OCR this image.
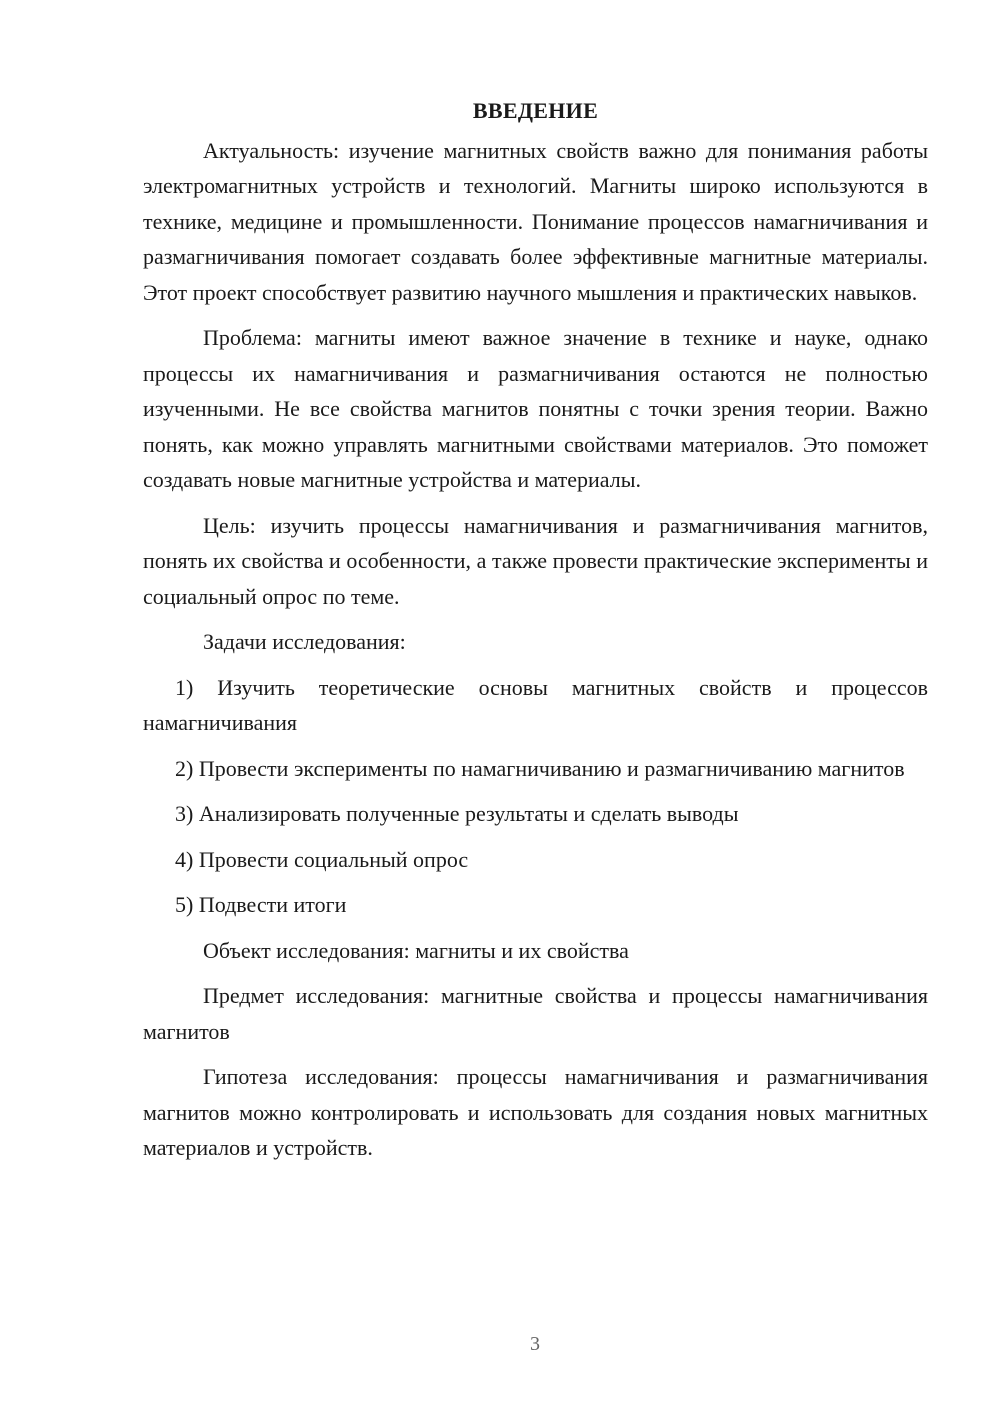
ВВЕДЕНИЕ

Актуальность: изучение магнитных свойств важно для понимания работы электромагнитных устройств и технологий. Магниты широко используются в технике, медицине и промышленности. Понимание процессов намагничивания и размагничивания помогает создавать более эффективные магнитные материалы. Этот проект способствует развитию научного мышления и практических навыков.

Проблема: магниты имеют важное значение в технике и науке, однако процессы их намагничивания и размагничивания остаются не полностью изученными. Не все свойства магнитов понятны с точки зрения теории. Важно понять, как можно управлять магнитными свойствами материалов. Это поможет создавать новые магнитные устройства и материалы.

Цель: изучить процессы намагничивания и размагничивания магнитов, понять их свойства и особенности, а также провести практические эксперименты и социальный опрос по теме.

Задачи исследования:

1) Изучить теоретические основы магнитных свойств и процессов намагничивания

2) Провести эксперименты по намагничиванию и размагничиванию магнитов

3) Анализировать полученные результаты и сделать выводы

4) Провести социальный опрос

5) Подвести итоги

Объект исследования: магниты и их свойства

Предмет исследования: магнитные свойства и процессы намагничивания магнитов

Гипотеза исследования: процессы намагничивания и размагничивания магнитов можно контролировать и использовать для создания новых магнитных материалов и устройств.

3
